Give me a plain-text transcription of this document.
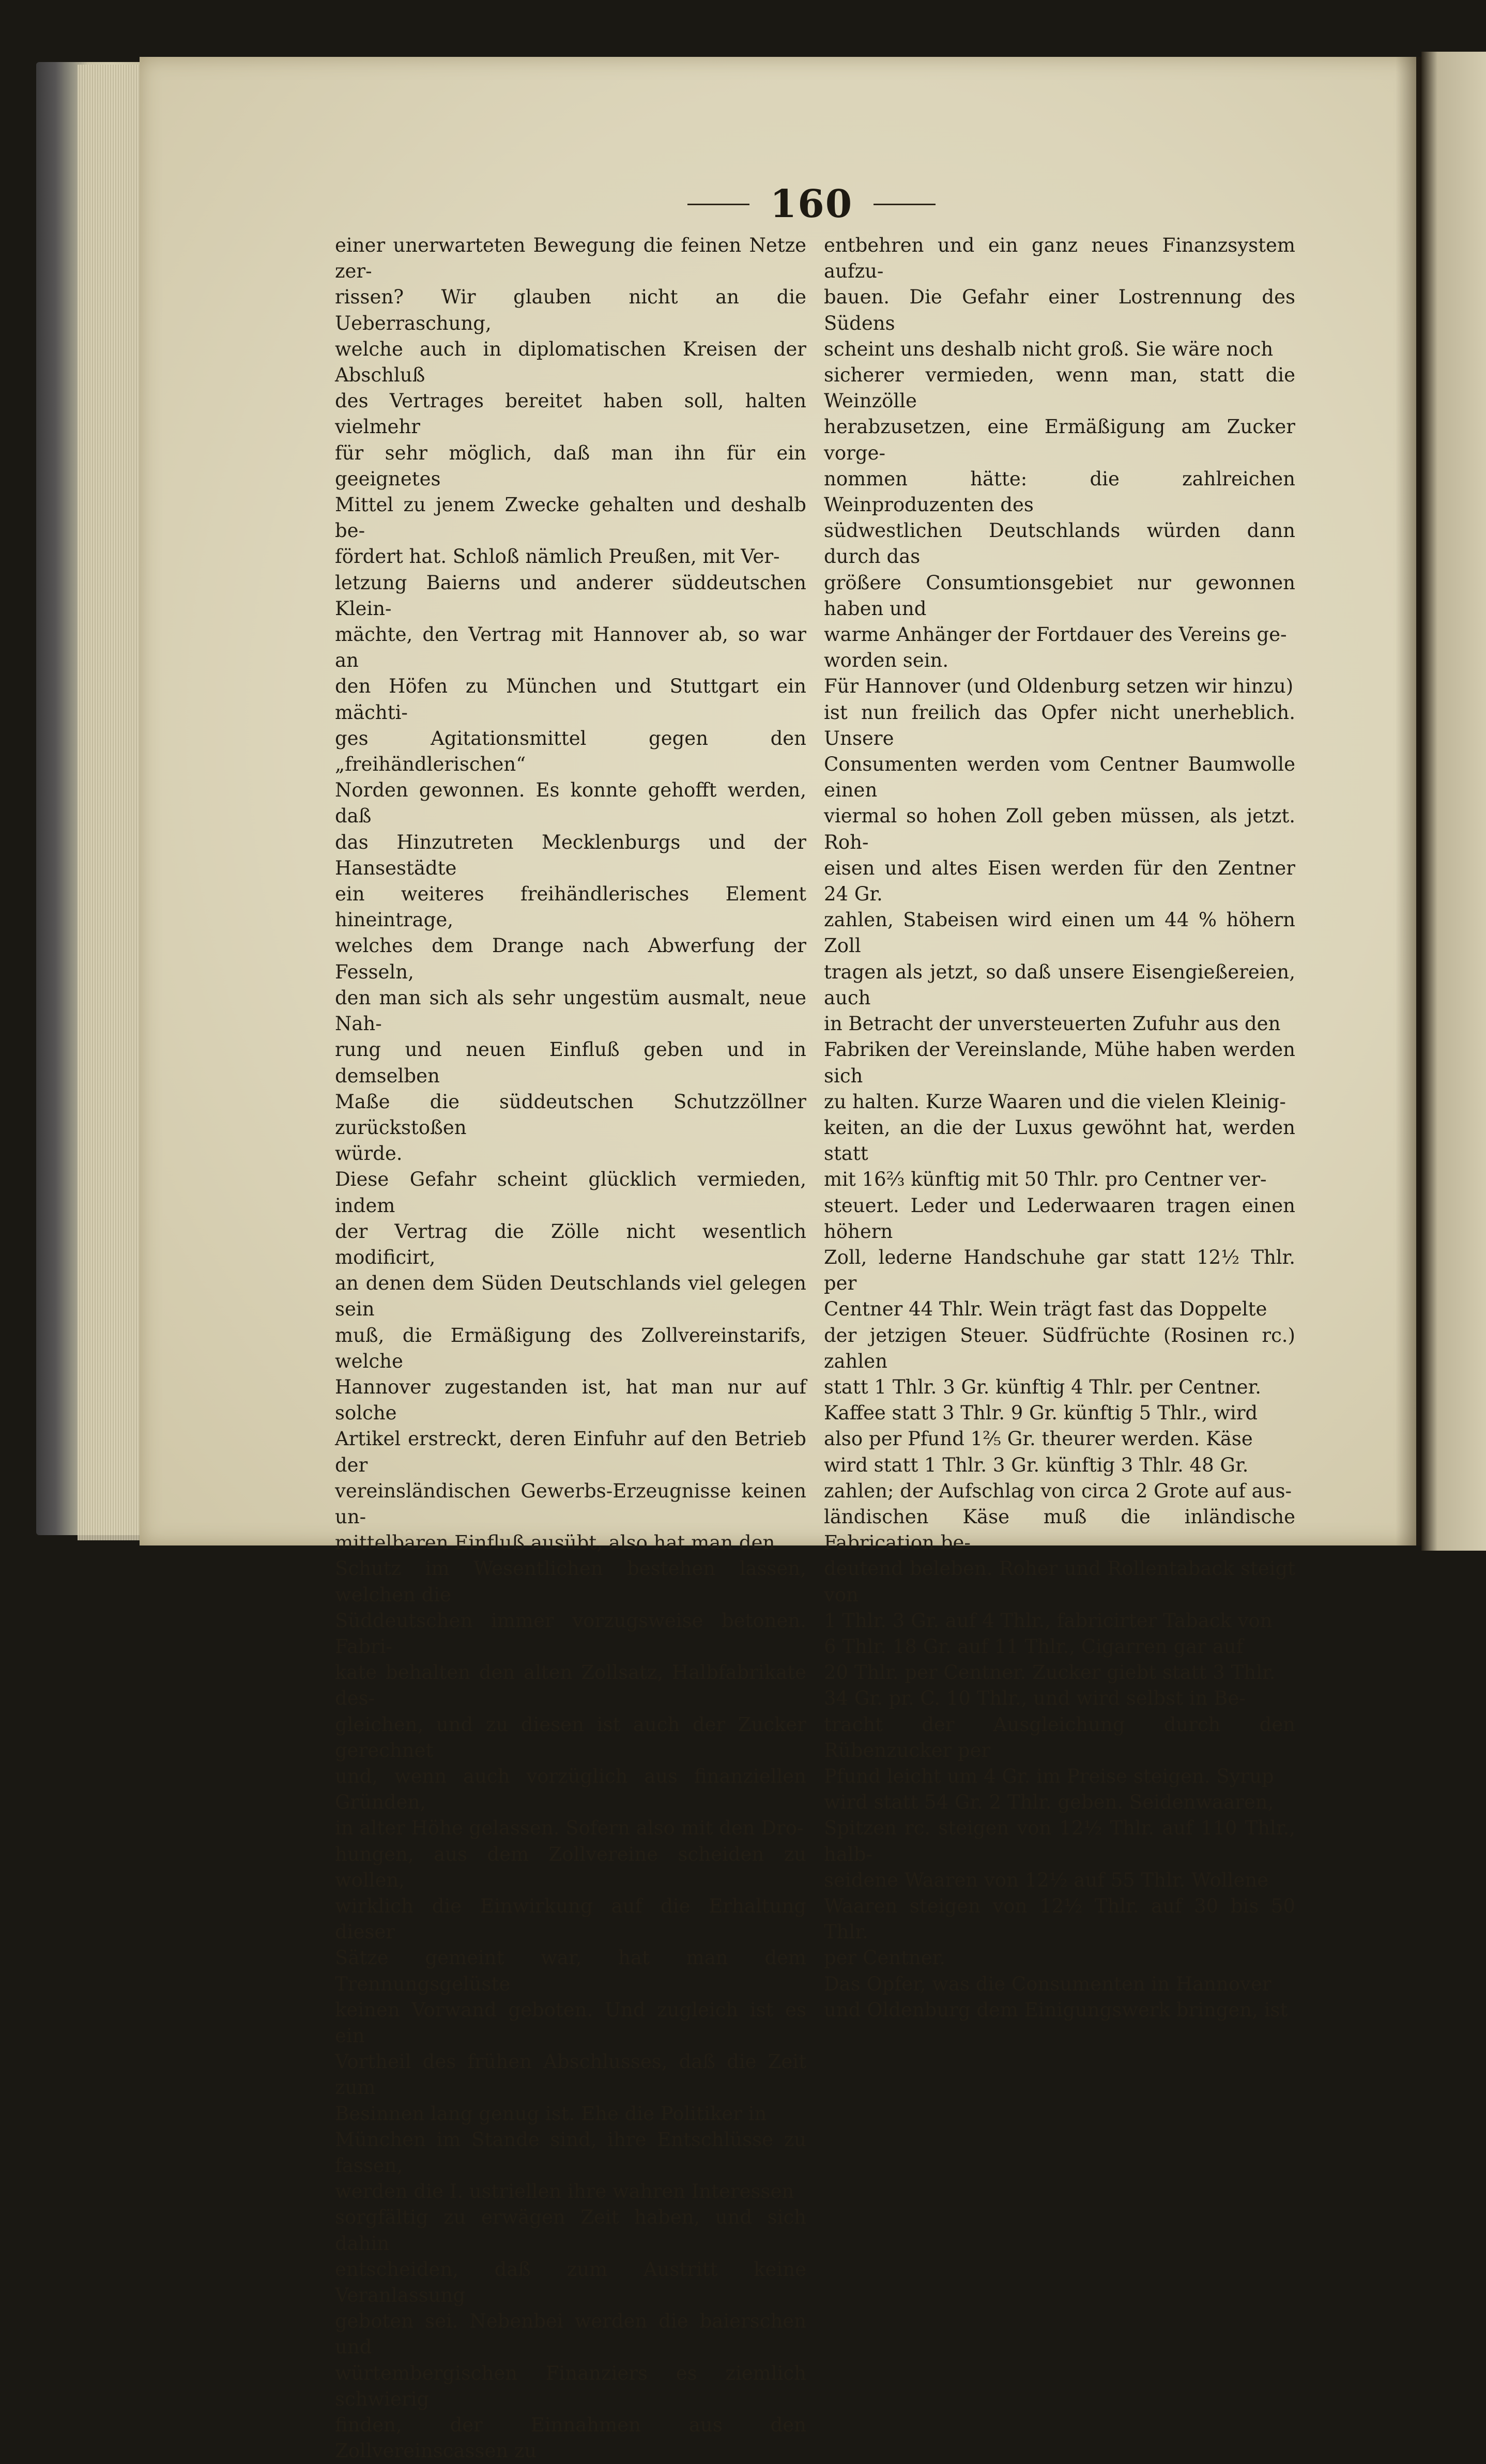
160
einer unerwarteten Bewegung die feinen Netze zer-
rissen? Wir glauben nicht an die Ueberraschung,
welche auch in diplomatischen Kreisen der Abschluß
des Vertrages bereitet haben soll, halten vielmehr
für sehr möglich, daß man ihn für ein geeignetes
Mittel zu jenem Zwecke gehalten und deshalb be-
fördert hat. Schloß nämlich Preußen, mit Ver-
letzung Baierns und anderer süddeutschen Klein-
mächte, den Vertrag mit Hannover ab, so war an
den Höfen zu München und Stuttgart ein mächti-
ges Agitationsmittel gegen den „freihändlerischen“
Norden gewonnen. Es konnte gehofft werden, daß
das Hinzutreten Mecklenburgs und der Hansestädte
ein weiteres freihändlerisches Element hineintrage,
welches dem Drange nach Abwerfung der Fesseln,
den man sich als sehr ungestüm ausmalt, neue Nah-
rung und neuen Einfluß geben und in demselben
Maße die süddeutschen Schutzzöllner zurückstoßen
würde.
Diese Gefahr scheint glücklich vermieden, indem
der Vertrag die Zölle nicht wesentlich modificirt,
an denen dem Süden Deutschlands viel gelegen sein
muß, die Ermäßigung des Zollvereinstarifs, welche
Hannover zugestanden ist, hat man nur auf solche
Artikel erstreckt, deren Einfuhr auf den Betrieb der
vereinsländischen Gewerbs-Erzeugnisse keinen un-
mittelbaren Einfluß ausübt, also hat man den
Schutz im Wesentlichen bestehen lassen, welchen die
Süddeutschen immer vorzugsweise betonen. Fabri-
kate behalten den alten Zollsatz, Halbfabrikate des-
gleichen, und zu diesen ist auch der Zucker gerechnet
und, wenn auch vorzüglich aus finanziellen Gründen,
in alter Höhe gelassen. Sofern also mit den Dro-
hungen, aus dem Zollvereine scheiden zu wollen,
wirklich die Einwirkung auf die Erhaltung dieser
Sätze gemeint war, hat man dem Trennungsgelüste
keinen Vorwand geboten. Und zugleich ist es ein
Vortheil des frühen Abschlusses, daß die Zeit zum
Besinnen lang genug ist. Ehe die Politiker in
München im Stande sind, ihre Entschlüsse zu fassen,
werden die I. ustriellen ihre wahren Interessen
sorgfältig zu erwägen Zeit haben, und sich dahin
entscheiden, daß zum Austritt keine Veranlassung
geboten sei. Nebenbei werden die baierschen und
würtembergischen Finanziers es ziemlich schwierig
finden, der Einnahmen aus den Zollvereinscassen zu
entbehren und ein ganz neues Finanzsystem aufzu-
bauen. Die Gefahr einer Lostrennung des Südens
scheint uns deshalb nicht groß. Sie wäre noch
sicherer vermieden, wenn man, statt die Weinzölle
herabzusetzen, eine Ermäßigung am Zucker vorge-
nommen hätte: die zahlreichen Weinproduzenten des
südwestlichen Deutschlands würden dann durch das
größere Consumtionsgebiet nur gewonnen haben und
warme Anhänger der Fortdauer des Vereins ge-
worden sein.
Für Hannover (und Oldenburg setzen wir hinzu)
ist nun freilich das Opfer nicht unerheblich. Unsere
Consumenten werden vom Centner Baumwolle einen
viermal so hohen Zoll geben müssen, als jetzt. Roh-
eisen und altes Eisen werden für den Zentner 24 Gr.
zahlen, Stabeisen wird einen um 44 % höhern Zoll
tragen als jetzt, so daß unsere Eisengießereien, auch
in Betracht der unversteuerten Zufuhr aus den
Fabriken der Vereinslande, Mühe haben werden sich
zu halten. Kurze Waaren und die vielen Kleinig-
keiten, an die der Luxus gewöhnt hat, werden statt
mit 16⅔ künftig mit 50 Thlr. pro Centner ver-
steuert. Leder und Lederwaaren tragen einen höhern
Zoll, lederne Handschuhe gar statt 12½ Thlr. per
Centner 44 Thlr. Wein trägt fast das Doppelte
der jetzigen Steuer. Südfrüchte (Rosinen rc.) zahlen
statt 1 Thlr. 3 Gr. künftig 4 Thlr. per Centner.
Kaffee statt 3 Thlr. 9 Gr. künftig 5 Thlr., wird
also per Pfund 1⅖ Gr. theurer werden. Käse
wird statt 1 Thlr. 3 Gr. künftig 3 Thlr. 48 Gr.
zahlen; der Aufschlag von circa 2 Grote auf aus-
ländischen Käse muß die inländische Fabrication be-
deutend beleben. Roher und Rollentaback steigt von
1 Thlr. 3 Gr. auf 4 Thlr., fabricirter Taback von
6 Thlr. 18 Gr. auf 11 Thlr., Cigarren gar auf
20 Thlr. per Centner. Zucker giebt statt 3 Thlr.
34 Gr. pr. C. 10 Thlr., und wird selbst in Be-
tracht der Ausgleichung durch den Rübenzucker per
Pfund leicht um 4 Gr. im Preise steigen. Syrup
wird statt 54 Gr. 2 Thlr. geben. Seidenwaaren,
Spitzen rc. steigen von 12½ Thlr. auf 110 Thlr., halb-
seidene Waaren von 12½ auf 55 Thlr. Wollene
Waaren steigen von 12½ Thlr. auf 30 bis 50 Thlr.
per Centner.
Das Opfer, was die Consumenten in Hannover
und Oldenburg dem Einigungswerk bringen, ist
